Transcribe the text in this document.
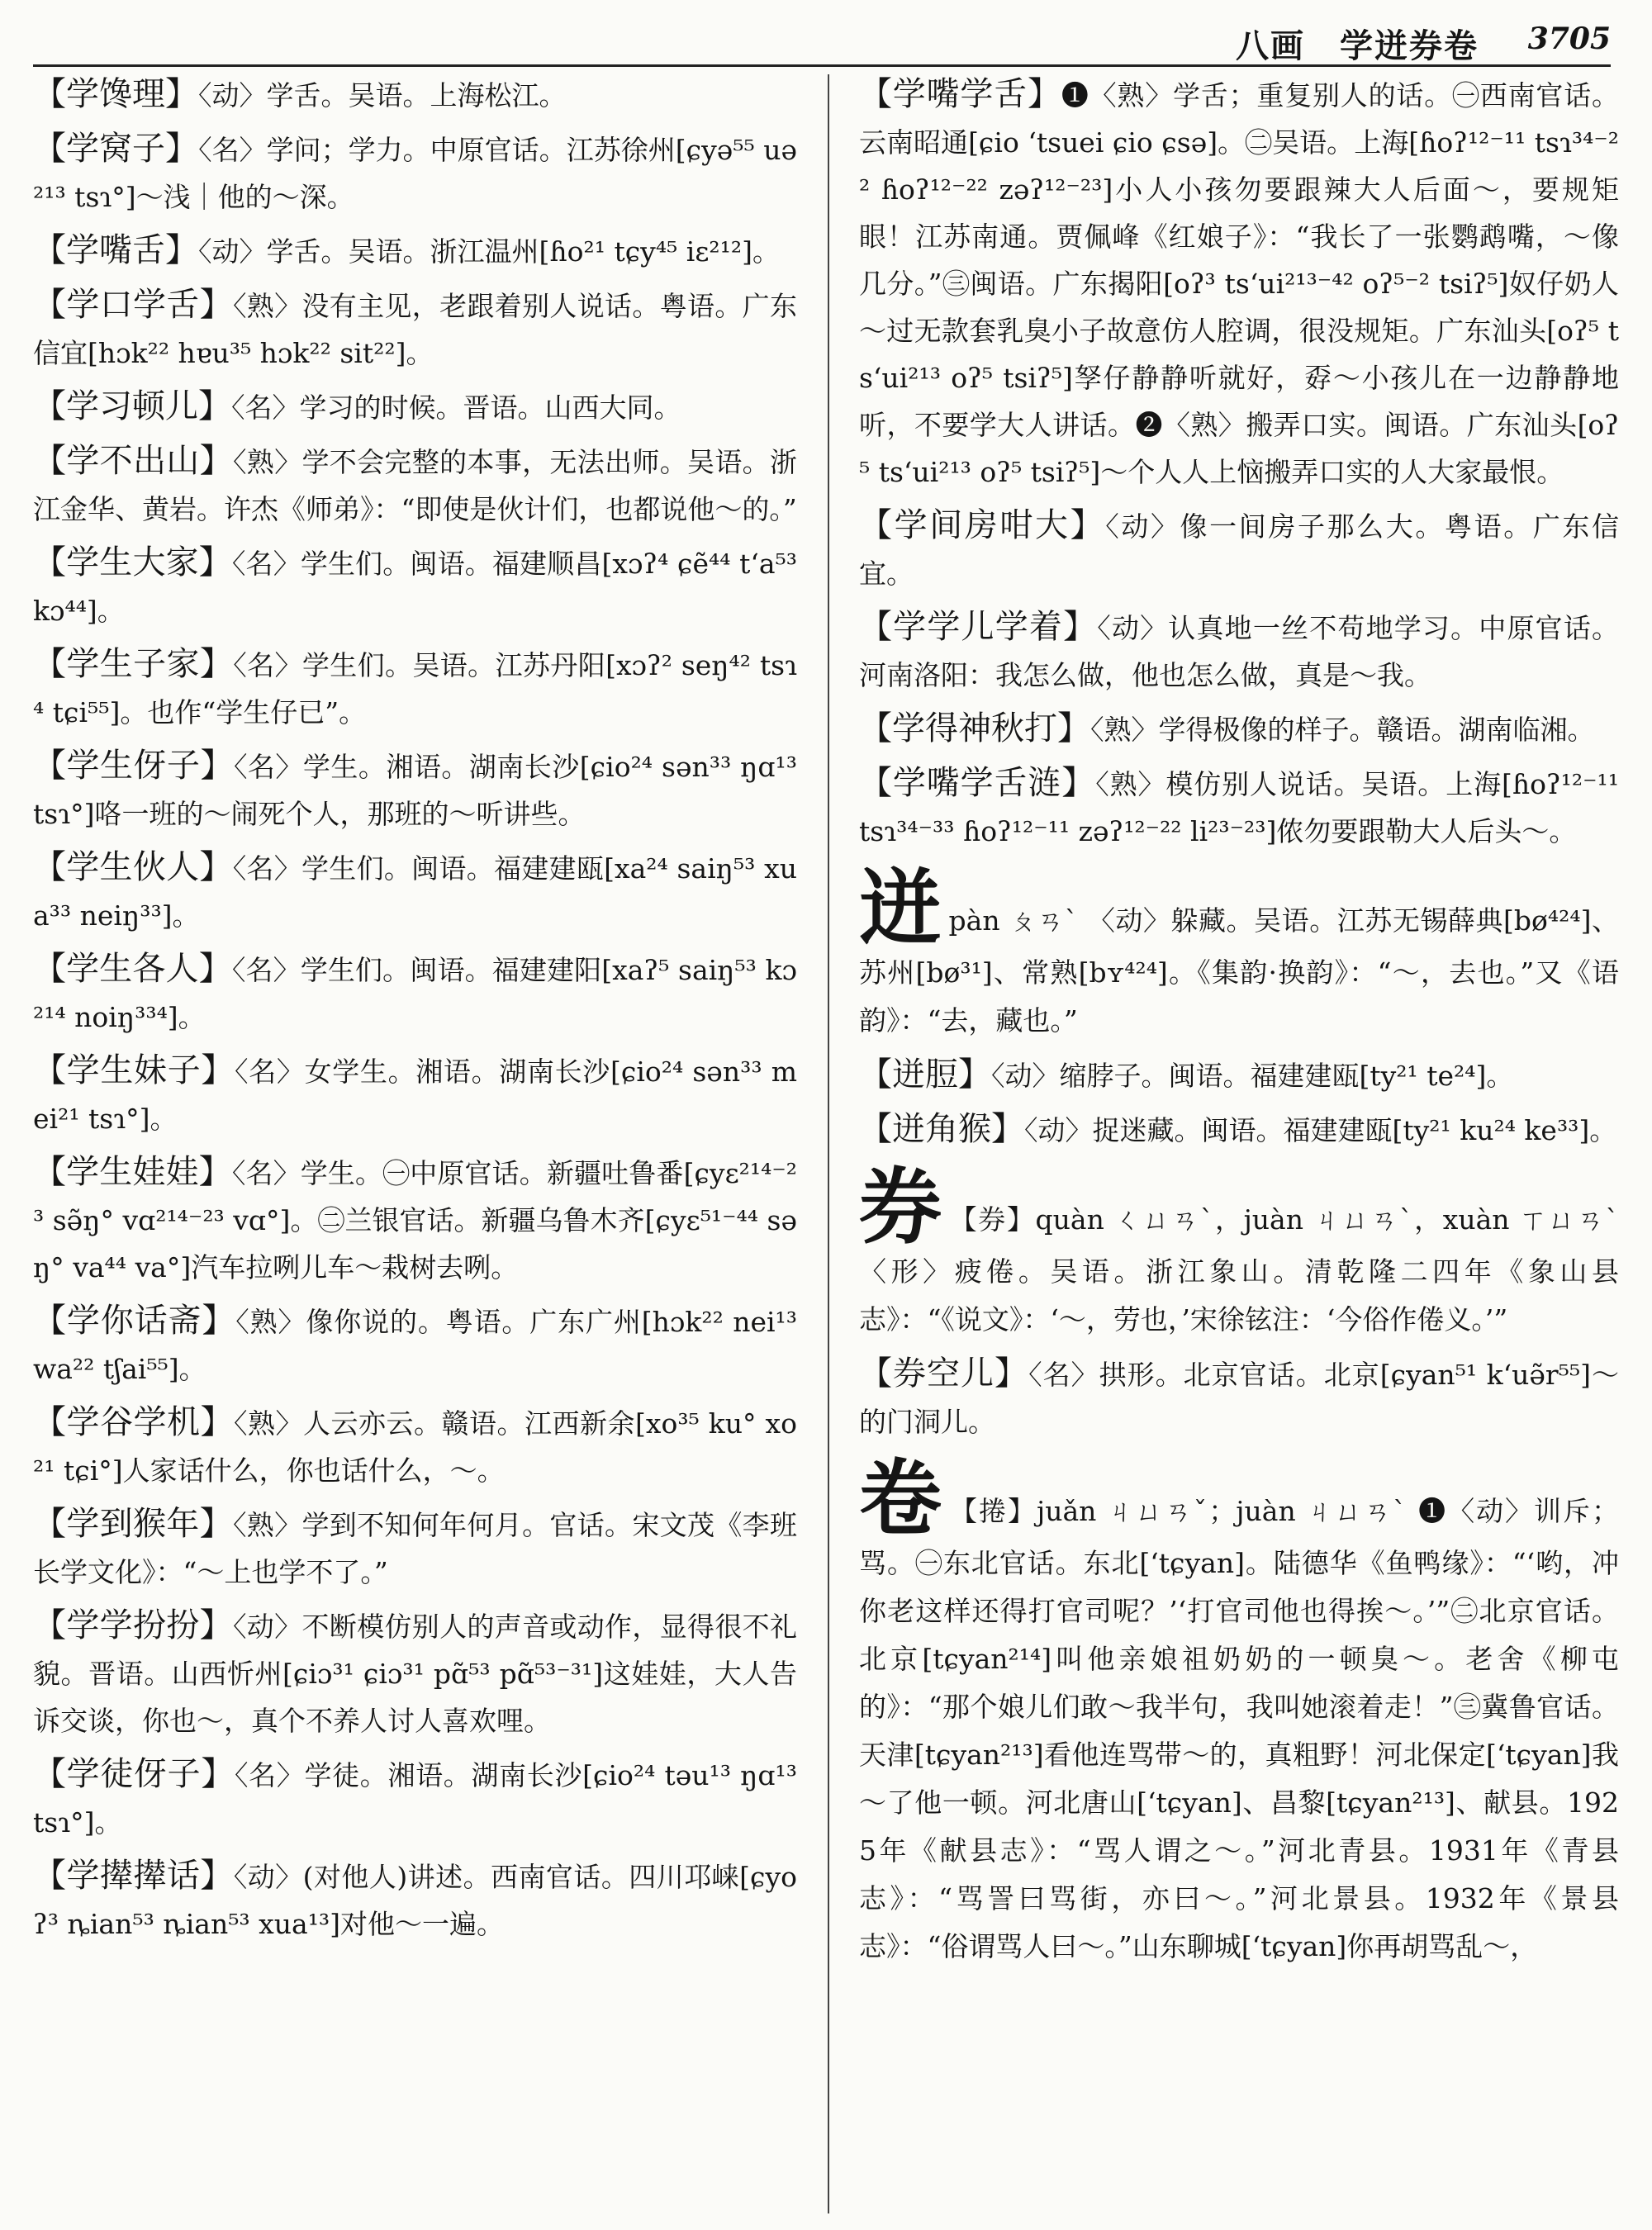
八画　学迸券卷 3705
【学馋理】〈动〉学舌。吴语。上海松江。
【学窝子】〈名〉学问；学力。中原官话。江苏徐州[ɕyə⁵⁵ uə²¹³ tsɿ°]～浅｜他的～深。
【学嘴舌】〈动〉学舌。吴语。浙江温州[ɦo²¹ tɕy⁴⁵ iɛ²¹²]。
【学口学舌】〈熟〉没有主见，老跟着别人说话。粤语。广东信宜[hɔk²² hɐu³⁵ hɔk²² sit²²]。
【学习顿儿】〈名〉学习的时候。晋语。山西大同。
【学不出山】〈熟〉学不会完整的本事，无法出师。吴语。浙江金华、黄岩。许杰《师弟》：“即使是伙计们，也都说他～的。”
【学生大家】〈名〉学生们。闽语。福建顺昌[xɔʔ⁴ ɕẽ⁴⁴ tʻa⁵³ kɔ⁴⁴]。
【学生子家】〈名〉学生们。吴语。江苏丹阳[xɔʔ² seŋ⁴² tsɿ⁴ tɕi⁵⁵]。也作“学生仔已”。
【学生伢子】〈名〉学生。湘语。湖南长沙[ɕio²⁴ sən³³ ŋɑ¹³ tsɿ°]咯一班的～闹死个人，那班的～听讲些。
【学生伙人】〈名〉学生们。闽语。福建建瓯[xa²⁴ saiŋ⁵³ xua³³ neiŋ³³]。
【学生各人】〈名〉学生们。闽语。福建建阳[xaʔ⁵ saiŋ⁵³ kɔ²¹⁴ noiŋ³³⁴]。
【学生妹子】〈名〉女学生。湘语。湖南长沙[ɕio²⁴ sən³³ mei²¹ tsɿ°]。
【学生娃娃】〈名〉学生。㊀中原官话。新疆吐鲁番[ɕyɛ²¹⁴⁻²³ sə̃ŋ° vɑ²¹⁴⁻²³ vɑ°]。㊁兰银官话。新疆乌鲁木齐[ɕyɛ⁵¹⁻⁴⁴ səŋ° va⁴⁴ va°]汽车拉咧儿车～栽树去咧。
【学你话斋】〈熟〉像你说的。粤语。广东广州[hɔk²² nei¹³ wa²² tʃai⁵⁵]。
【学谷学机】〈熟〉人云亦云。赣语。江西新余[xo³⁵ ku° xo²¹ tɕi°]人家话什么，你也话什么，～。
【学到猴年】〈熟〉学到不知何年何月。官话。宋文茂《李班长学文化》：“～上也学不了。”
【学学扮扮】〈动〉不断模仿别人的声音或动作，显得很不礼貌。晋语。山西忻州[ɕiɔ³¹ ɕiɔ³¹ pɑ̃⁵³ pɑ̃⁵³⁻³¹]这娃娃，大人告诉交谈，你也～，真个不养人讨人喜欢哩。
【学徒伢子】〈名〉学徒。湘语。湖南长沙[ɕio²⁴ təu¹³ ŋɑ¹³ tsɿ°]。
【学撵撵话】〈动〉(对他人)讲述。西南官话。四川邛崃[ɕyoʔ³ ȵian⁵³ ȵian⁵³ xua¹³]对他～一遍。
【学嘴学舌】❶〈熟〉学舌；重复别人的话。㊀西南官话。云南昭通[ɕio ʻtsuei ɕio ɕsə]。㊁吴语。上海[ɦoʔ¹²⁻¹¹ tsɿ³⁴⁻²² ɦoʔ¹²⁻²² zəʔ¹²⁻²³]小人小孩勿要跟辣大人后面～，要规矩眼！江苏南通。贾佩峰《红娘子》：“我长了一张鹦鹉嘴，～像几分。”㊂闽语。广东揭阳[oʔ³ tsʻui²¹³⁻⁴² oʔ⁵⁻² tsiʔ⁵]奴仔奶人～过无款套乳臭小子故意仿人腔调，很没规矩。广东汕头[oʔ⁵ tsʻui²¹³ oʔ⁵ tsiʔ⁵]孥仔静静听就好，孬～小孩儿在一边静静地听，不要学大人讲话。❷〈熟〉搬弄口实。闽语。广东汕头[oʔ⁵ tsʻui²¹³ oʔ⁵ tsiʔ⁵]～个人人上恼搬弄口实的人大家最恨。
【学间房咁大】〈动〉像一间房子那么大。粤语。广东信宜。
【学学儿学着】〈动〉认真地一丝不苟地学习。中原官话。河南洛阳：我怎么做，他也怎么做，真是～我。
【学得神秋打】〈熟〉学得极像的样子。赣语。湖南临湘。
【学嘴学舌涟】〈熟〉模仿别人说话。吴语。上海[ɦoʔ¹²⁻¹¹ tsɿ³⁴⁻³³ ɦoʔ¹²⁻¹¹ zəʔ¹²⁻²² li²³⁻²³]侬勿要跟勒大人后头～。
迸pàn ㄆㄢˋ 〈动〉躲藏。吴语。江苏无锡薛典[bø⁴²⁴]、苏州[bø³¹]、常熟[bʏ⁴²⁴]。《集韵·换韵》：“～，去也。”又《语韵》：“去，藏也。”
【迸脰】〈动〉缩脖子。闽语。福建建瓯[ty²¹ te²⁴]。
【迸角猴】〈动〉捉迷藏。闽语。福建建瓯[ty²¹ ku²⁴ ke³³]。
券 【券】quàn ㄑㄩㄢˋ，juàn ㄐㄩㄢˋ，xuàn ㄒㄩㄢˋ〈形〉疲倦。吴语。浙江象山。清乾隆二四年《象山县志》：“《说文》：‘～，劳也，’宋徐铉注：‘今俗作倦义。’”
【券空儿】〈名〉拱形。北京官话。北京[ɕyan⁵¹ kʻuə̃r⁵⁵]～的门洞儿。
卷 【捲】juǎn ㄐㄩㄢˇ；juàn ㄐㄩㄢˋ ❶〈动〉训斥；骂。㊀东北官话。东北[ʻtɕyan]。陆德华《鱼鸭缘》：“‘哟，冲你老这样还得打官司呢？’‘打官司他也得挨～。’”㊁北京官话。北京[tɕyan²¹⁴]叫他亲娘祖奶奶的一顿臭～。老舍《柳屯的》：“那个娘儿们敢～我半句，我叫她滚着走！”㊂冀鲁官话。天津[tɕyan²¹³]看他连骂带～的，真粗野！河北保定[ʻtɕyan]我～了他一顿。河北唐山[ʻtɕyan]、昌黎[tɕyan²¹³]、献县。1925年《献县志》：“骂人谓之～。”河北青县。1931年《青县志》：“骂詈曰骂街，亦曰～。”河北景县。1932年《景县志》：“俗谓骂人曰～。”山东聊城[ʻtɕyan]你再胡骂乱～，
